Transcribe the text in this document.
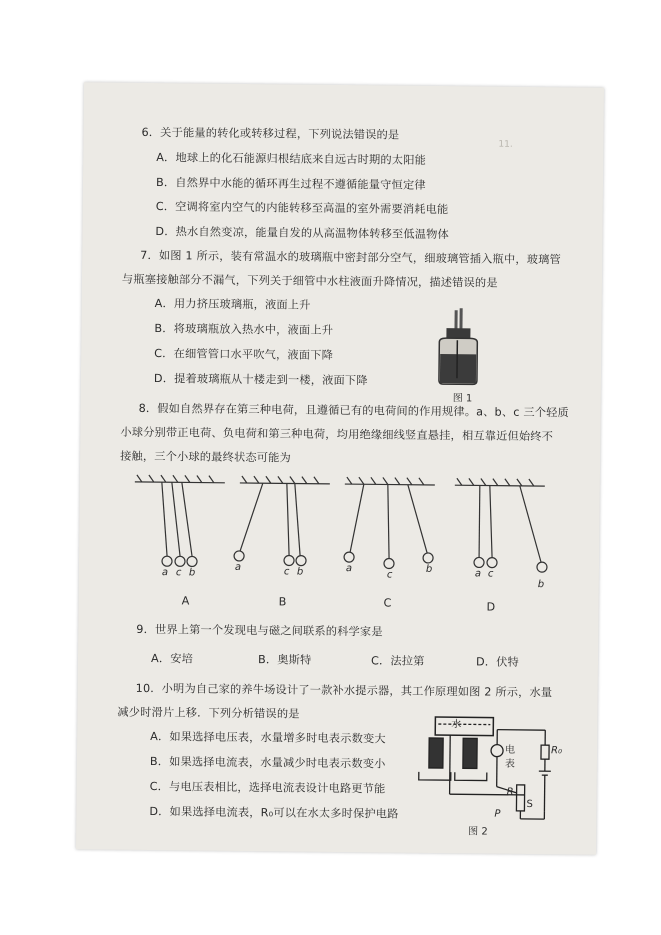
11. 　　　　　　
6．关于能量的转化或转移过程，下列说法错误的是
A．地球上的化石能源归根结底来自远古时期的太阳能
B．自然界中水能的循环再生过程不遵循能量守恒定律
C．空调将室内空气的内能转移至高温的室外需要消耗电能
D．热水自然变凉，能量自发的从高温物体转移至低温物体
7．如图 1 所示，装有常温水的玻璃瓶中密封部分空气，细玻璃管插入瓶中，玻璃管
与瓶塞接触部分不漏气，下列关于细管中水柱液面升降情况，描述错误的是
A．用力挤压玻璃瓶，液面上升
B．将玻璃瓶放入热水中，液面上升
C．在细管管口水平吹气，液面下降
D．提着玻璃瓶从十楼走到一楼，液面下降
图 1
8．假如自然界存在第三种电荷，且遵循已有的电荷间的作用规律。a、b、c 三个轻质
小球分别带正电荷、负电荷和第三种电荷，均用绝缘细线竖直悬挂，相互靠近但始终不
接触，三个小球的最终状态可能为
a c b
A
a	c b
B
a
c
b
C
a c
b
D
9．世界上第一个发现电与磁之间联系的科学家是
A．安培	B．奥斯特	C．法拉第	D．伏特
10．小明为自己家的养牛场设计了一款补水提示器，其工作原理如图 2 所示，水量
减少时滑片上移．下列分析错误的是
A．如果选择电压表，水量增多时电表示数变大
B．如果选择电流表，水量减少时电表示数变小
C．与电压表相比，选择电流表设计电路更节能
D．如果选择电流表，R₀可以在水太多时保护电路
水
电
表
R₀
R
S
P
图 2
